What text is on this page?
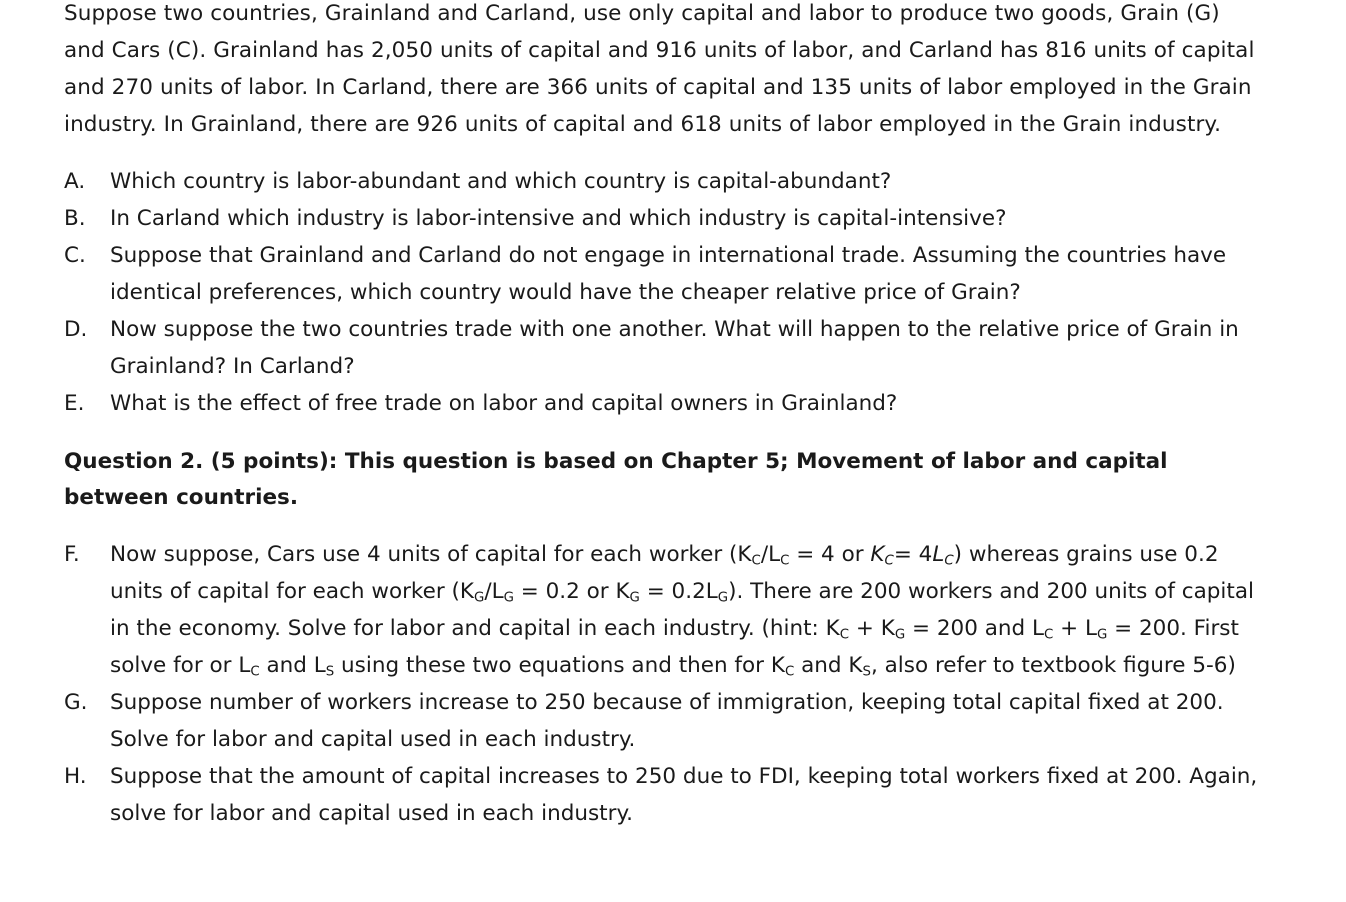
Suppose two countries, Grainland and Carland, use only capital and labor to produce two goods, Grain (G) and Cars (C). Grainland has 2,050 units of capital and 916 units of labor, and Carland has 816 units of capital and 270 units of labor. In Carland, there are 366 units of capital and 135 units of labor employed in the Grain industry. In Grainland, there are 926 units of capital and 618 units of labor employed in the Grain industry.

A. Which country is labor-abundant and which country is capital-abundant?
B. In Carland which industry is labor-intensive and which industry is capital-intensive?
C. Suppose that Grainland and Carland do not engage in international trade. Assuming the countries have identical preferences, which country would have the cheaper relative price of Grain?
D. Now suppose the two countries trade with one another. What will happen to the relative price of Grain in Grainland? In Carland?
E. What is the effect of free trade on labor and capital owners in Grainland?

Question 2. (5 points): This question is based on Chapter 5; Movement of labor and capital between countries.

F. Now suppose, Cars use 4 units of capital for each worker ($K_C/L_C = 4$ or $K_C= 4L_C$) whereas grains use 0.2 units of capital for each worker ($K_G/L_G = 0.2$ or $K_G = 0.2L_G$). There are 200 workers and 200 units of capital in the economy. Solve for labor and capital in each industry. (hint: $K_C + K_G = 200$ and $L_C + L_G = 200$. First solve for or $L_C$ and $L_S$ using these two equations and then for $K_C$ and $K_S$, also refer to textbook figure 5-6)
G. Suppose number of workers increase to 250 because of immigration, keeping total capital fixed at 200. Solve for labor and capital used in each industry.
H. Suppose that the amount of capital increases to 250 due to FDI, keeping total workers fixed at 200. Again, solve for labor and capital used in each industry.
